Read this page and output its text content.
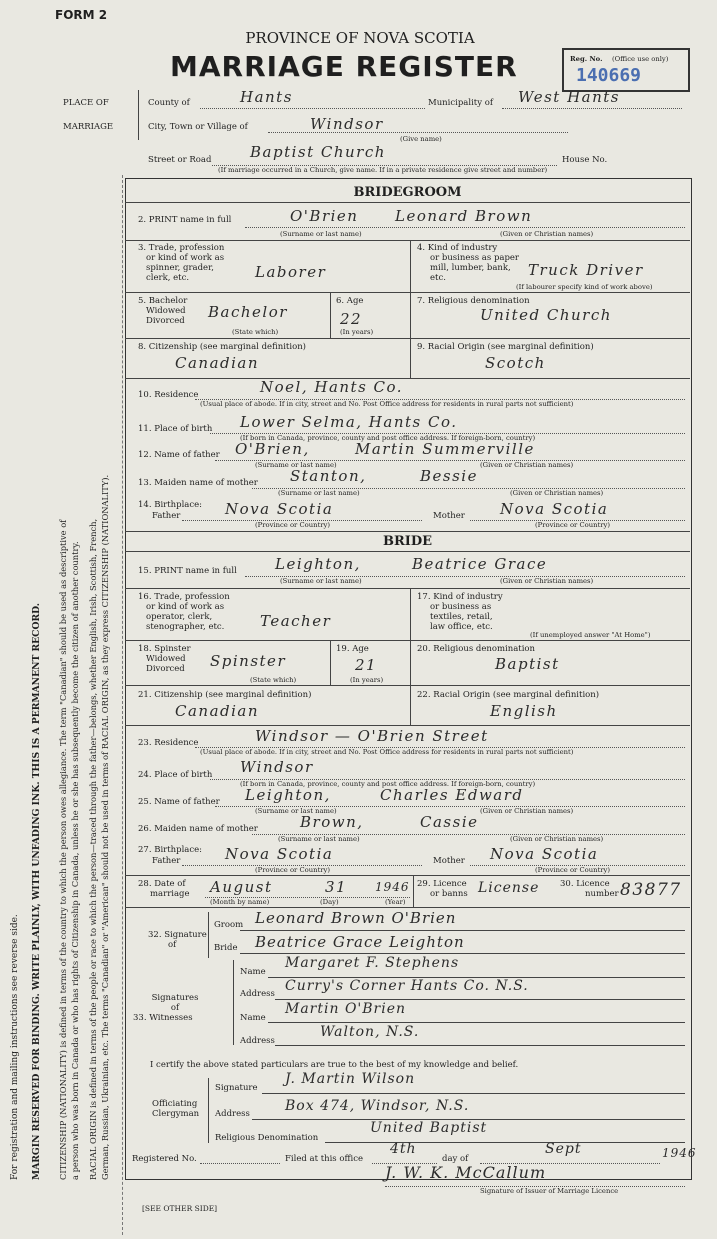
For registration and mailing instructions see reverse side. MARGIN RESERVED FOR BINDING. WRITE PLAINLY, WITH UNFADING INK. THIS IS A PERMANENT RECORD. CITIZENSHIP (NATIONALITY) is defined in terms of the country to which the person owes allegiance. The term "Canadian" should be used as descriptive of a person who was born in Canada or who has rights of Citizenship in Canada, unless he or she has subsequently become the citizen of another country. RACIAL ORIGIN is defined in terms of the people or race to which the person—traced through the father—belongs, whether English, Irish, Scottish, French, German, Russian, Ukrainian, etc. The terms "Canadian" or "American" should not be used in terms of RACIAL ORIGIN, as they express CITIZENSHIP (NATIONALITY).
FORM 2
PROVINCE OF NOVA SCOTIA
MARRIAGE REGISTER	Reg. No. (Office use only)
140669
PLACE OF
MARRIAGE
County of	Hants	Municipality of West Hants
City, Town or Village of	Windsor
(Give name)
Street or Road	Baptist Church	House No.
(If marriage occurred in a Church, give name. If in a private residence give street and number)
BRIDEGROOM
2. PRINT name in full	O'Brien Leonard Brown
(Surname or last name)	(Given or Christian names)
3. Trade, profession
or kind of work as
spinner, grader,
clerk, etc.	Laborer
4. Kind of industry
or business as paper
mill, lumber, bank,
etc.	Truck Driver
(If labourer specify kind of work above)
5. Bachelor
Widowed
Divorced Bachelor
(State which)
6. Age
22
(In years)
7. Religious denomination
United Church
8. Citizenship (see marginal definition)
Canadian
9. Racial Origin (see marginal definition)
Scotch
10. Residence	Noel, Hants Co.
(Usual place of abode. If in city, street and No. Post Office address for residents in rural parts not sufficient)
11. Place of birth Lower Selma, Hants Co.
(If born in Canada, province, county and post office address. If foreign-born, country)
12. Name of father O'Brien,	Martin Summerville
(Surname or last name)	(Given or Christian names)
13. Maiden name of mother Stanton,	Bessie
(Surname or last name)	(Given or Christian names)
14. Birthplace:
Father	Nova Scotia
(Province or Country)
Mother Nova Scotia
(Province or Country)
BRIDE
15. PRINT name in full	Leighton,	Beatrice Grace
(Surname or last name)	(Given or Christian names)
16. Trade, profession
or kind of work as
operator, clerk,
stenographer, etc. Teacher
17. Kind of industry
or business as
textiles, retail,
law office, etc.
(If unemployed answer "At Home")
18. Spinster
Widowed
Divorced Spinster
(State which)
19. Age
21
(In years)
20. Religious denomination
Baptist
21. Citizenship (see marginal definition)
Canadian
22. Racial Origin (see marginal definition)
English
23. Residence	Windsor — O'Brien Street
(Usual place of abode. If in city, street and No. Post Office address for residents in rural parts not sufficient)
24. Place of birth Windsor
(If born in Canada, province, county and post office address. If foreign-born, country)
25. Name of father Leighton,	Charles Edward
(Surname or last name)	(Given or Christian names)
26. Maiden name of mother	Brown,	Cassie
(Surname or last name)	(Given or Christian names)
27. Birthplace:
Father	Nova Scotia
(Province or Country)
Mother Nova Scotia
(Province or Country)
28. Date of
marriage August	31 1946
(Month by name)	(Day)	(Year)
29. Licence
or banns License 30. Licence
number 83877
32. Signature
of
Groom Leonard Brown O'Brien
Bride Beatrice Grace Leighton
Signatures
of
33. Witnesses
Name
Margaret F. Stephens
Address Curry's Corner Hants Co. N.S.
Name
Martin O'Brien
Address
Walton, N.S.
I certify the above stated particulars are true to the best of my knowledge and belief.
Officiating
Clergyman
Signature
J. Martin Wilson
Address	Box 474, Windsor, N.S.
Religious Denomination
United Baptist
Registered No.	Filed at this office
4th
day of
Sept	1946
J. W. K. McCallum
Signature of Issuer of Marriage Licence
[SEE OTHER SIDE]
